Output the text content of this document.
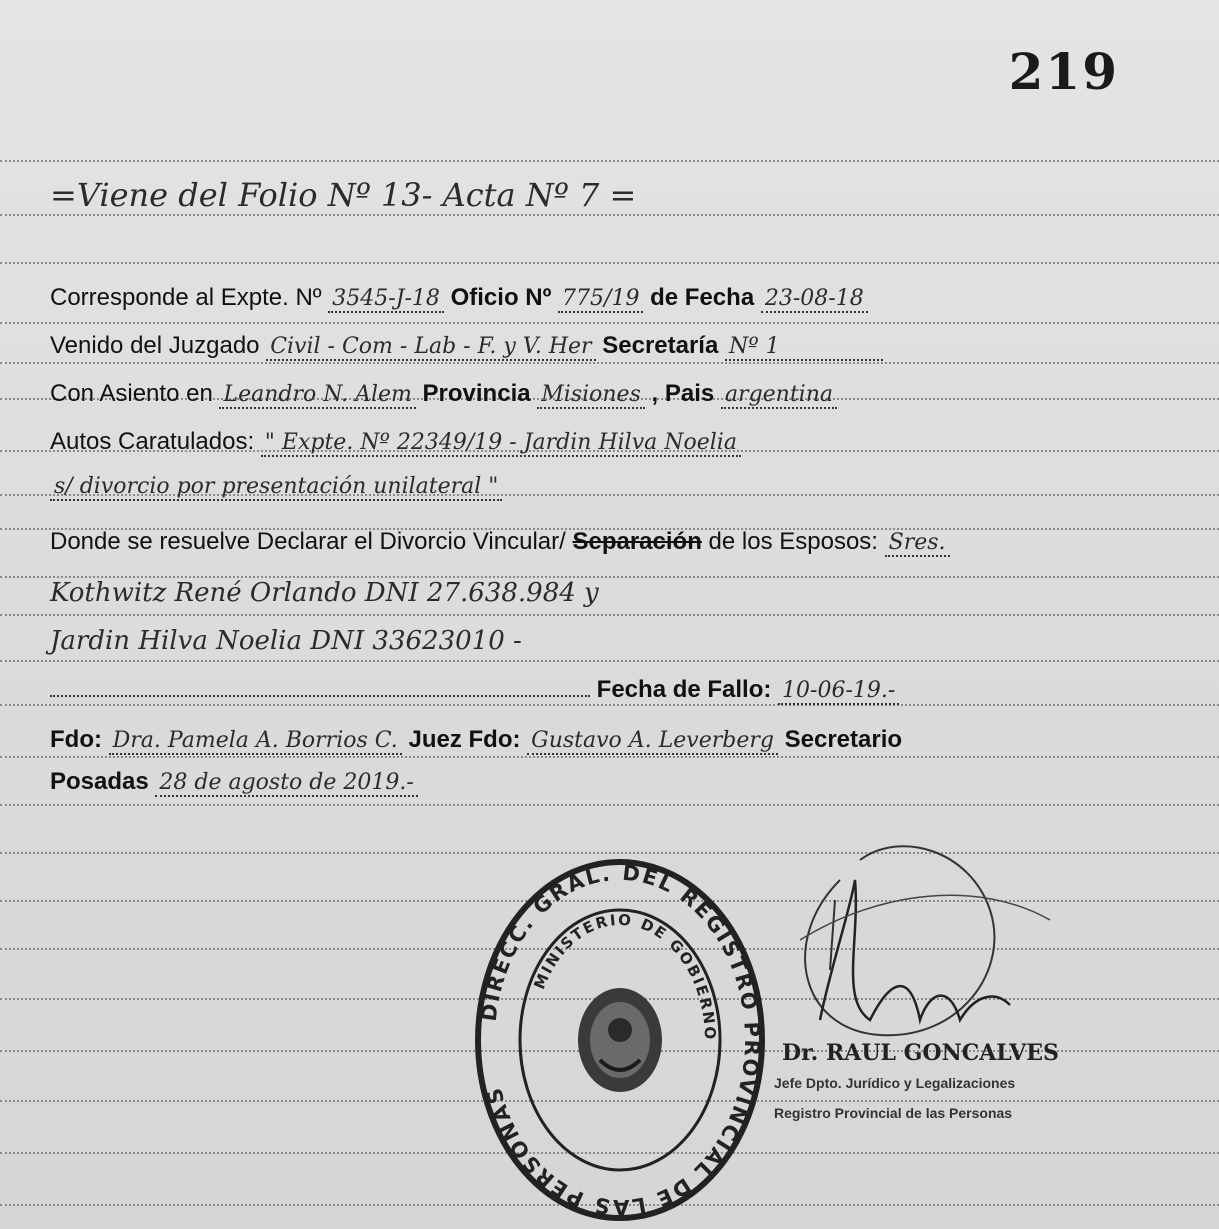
219
=Viene del Folio Nº 13- Acta Nº 7 =
Corresponde al Expte. Nº 3545-J-18 Oficio Nº 775/19 de Fecha 23-08-18
Venido del Juzgado Civil - Com - Lab - F. y V. Her Secretaría Nº 1
Con Asiento en Leandro N. Alem Provincia Misiones , Pais argentina
Autos Caratulados: " Expte. Nº 22349/19 - Jardin Hilva Noelia
s/ divorcio por presentación unilateral "
Donde se resuelve Declarar el Divorcio Vincular/ Separación de los Esposos: Sres.
Kothwitz René Orlando DNI 27.638.984 y
Jardin Hilva Noelia DNI 33623010 -
Fecha de Fallo: 10-06-19.-
Fdo: Dra. Pamela A. Borrios C. Juez Fdo: Gustavo A. Leverberg Secretario
Posadas 28 de agosto de 2019.-
DIRECC. GRAL. DEL REGISTRO PROVINCIAL DE LAS PERSONAS
MINISTERIO DE GOBIERNO
Dr. RAUL GONCALVES
Jefe Dpto. Jurídico y Legalizaciones
Registro Provincial de las Personas
